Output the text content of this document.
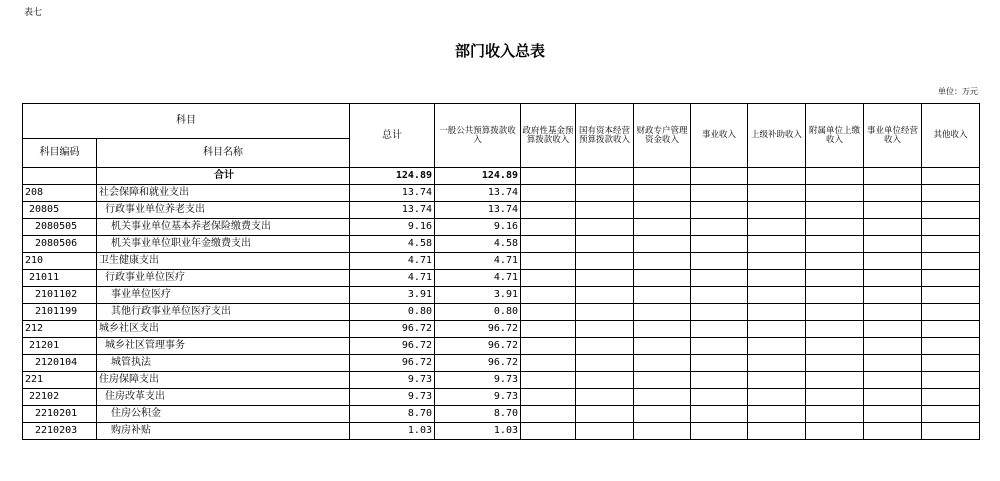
表七
部门收入总表
单位：万元
科目		总计	一般公共预算拨款收入	政府性基金预算拨款收入	国有资本经营预算拨款收入	财政专户管理资金收入	事业收入	上级补助收入	附属单位上缴收入	事业单位经营收入	其他收入
科目编码	科目名称										
	合计	124.89	124.89								
208	社会保障和就业支出	13.74	13.74								
20805	行政事业单位养老支出	13.74	13.74								
2080505	机关事业单位基本养老保险缴费支出	9.16	9.16								
2080506	机关事业单位职业年金缴费支出	4.58	4.58								
210	卫生健康支出	4.71	4.71								
21011	行政事业单位医疗	4.71	4.71								
2101102	事业单位医疗	3.91	3.91								
2101199	其他行政事业单位医疗支出	0.80	0.80								
212	城乡社区支出	96.72	96.72								
21201	城乡社区管理事务	96.72	96.72								
2120104	城管执法	96.72	96.72								
221	住房保障支出	9.73	9.73								
22102	住房改革支出	9.73	9.73								
2210201	住房公积金	8.70	8.70								
2210203	购房补贴	1.03	1.03								
